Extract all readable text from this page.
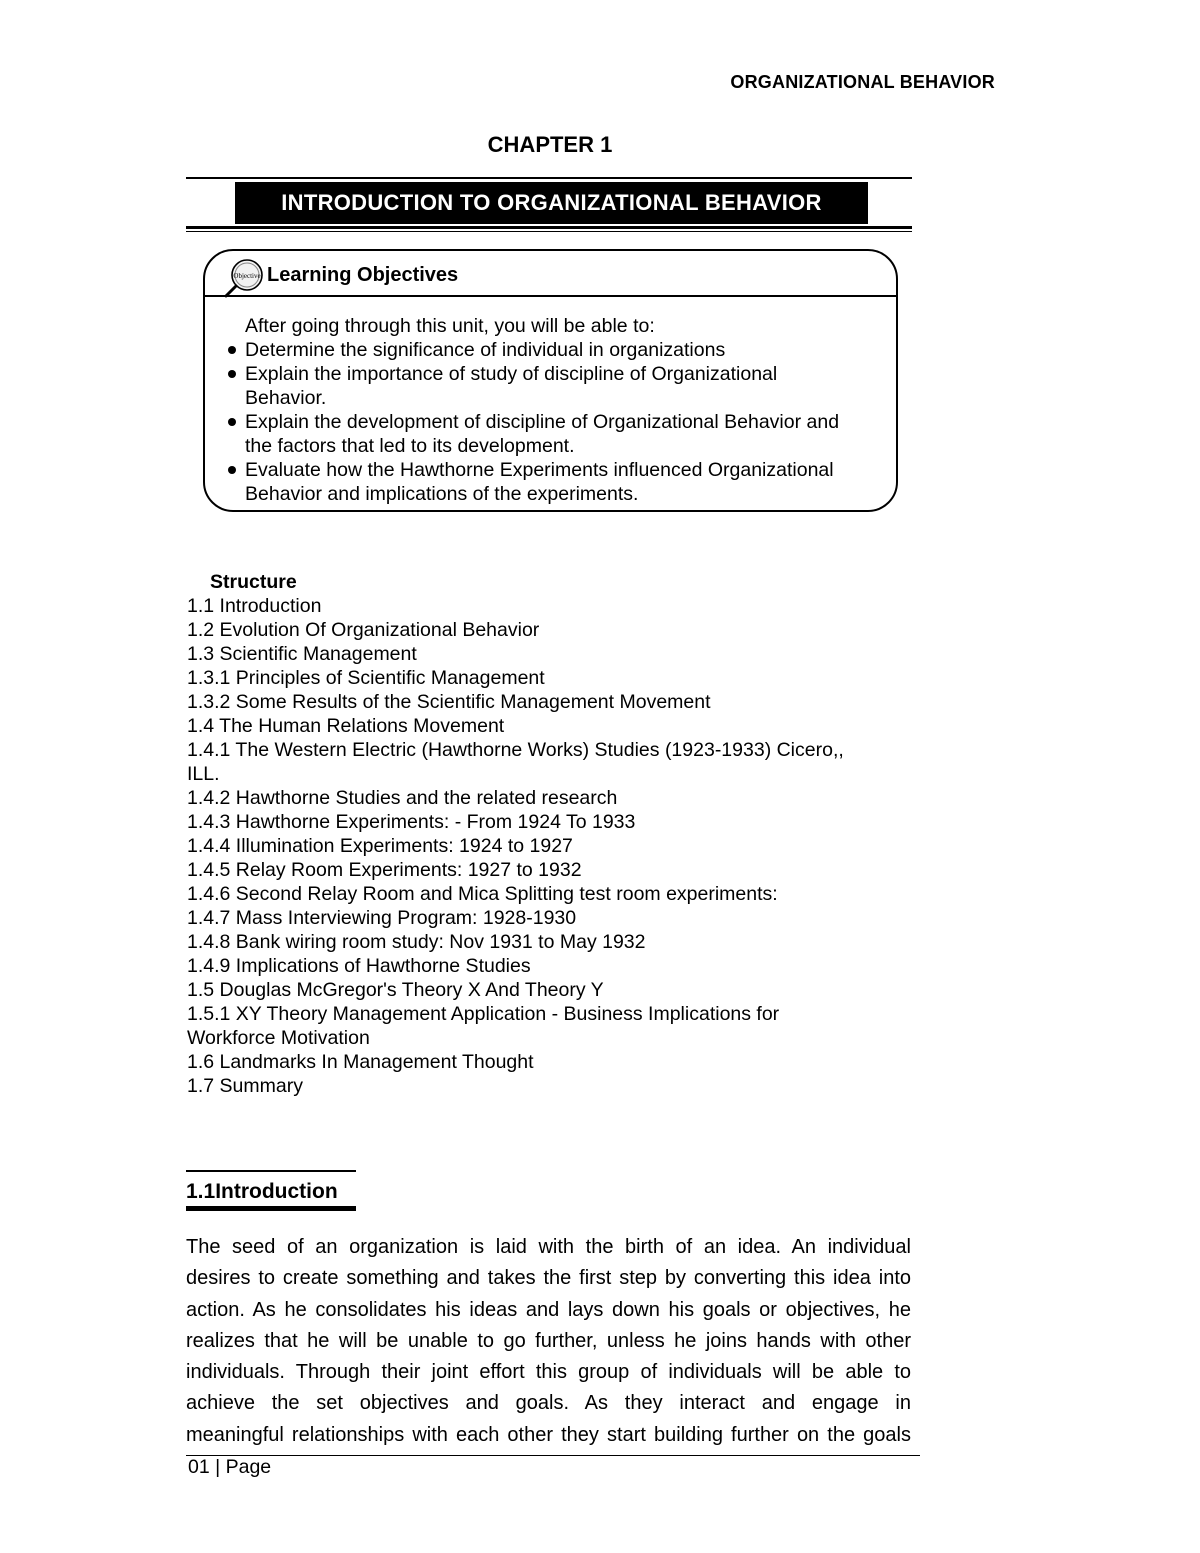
ORGANIZATIONAL BEHAVIOR
CHAPTER 1
INTRODUCTION TO ORGANIZATIONAL BEHAVIOR
Objective Learning Objectives
After going through this unit, you will be able to:
Determine the significance of individual in organizations
Explain the importance of study of discipline of Organizational Behavior.
Explain the development of discipline of Organizational Behavior and the factors that led to its development.
Evaluate how the Hawthorne Experiments influenced Organizational Behavior and implications of the experiments.
Structure
1.1 Introduction
1.2 Evolution Of Organizational Behavior
1.3 Scientific Management
1.3.1 Principles of Scientific Management
1.3.2 Some Results of the Scientific Management Movement
1.4 The Human Relations Movement
1.4.1 The Western Electric (Hawthorne Works) Studies (1923-1933) Cicero,, ILL.
1.4.2 Hawthorne Studies and the related research
1.4.3 Hawthorne Experiments: - From 1924 To 1933
1.4.4 Illumination Experiments: 1924 to 1927
1.4.5 Relay Room Experiments: 1927 to 1932
1.4.6 Second Relay Room and Mica Splitting test room experiments:
1.4.7 Mass Interviewing Program: 1928-1930
1.4.8 Bank wiring room study: Nov 1931 to May 1932
1.4.9 Implications of Hawthorne Studies
1.5 Douglas McGregor's Theory X And Theory Y
1.5.1 XY Theory Management Application - Business Implications for Workforce Motivation
1.6 Landmarks In Management Thought
1.7 Summary
1.1Introduction
The seed of an organization is laid with the birth of an idea. An individual
desires to create something and takes the first step by converting this idea into
action. As he consolidates his ideas and lays down his goals or objectives, he
realizes that he will be unable to go further, unless he joins hands with other
individuals. Through their joint effort this group of individuals will be able to
achieve the set objectives and goals. As they interact and engage in
meaningful relationships with each other they start building further on the goals
01 | Page
